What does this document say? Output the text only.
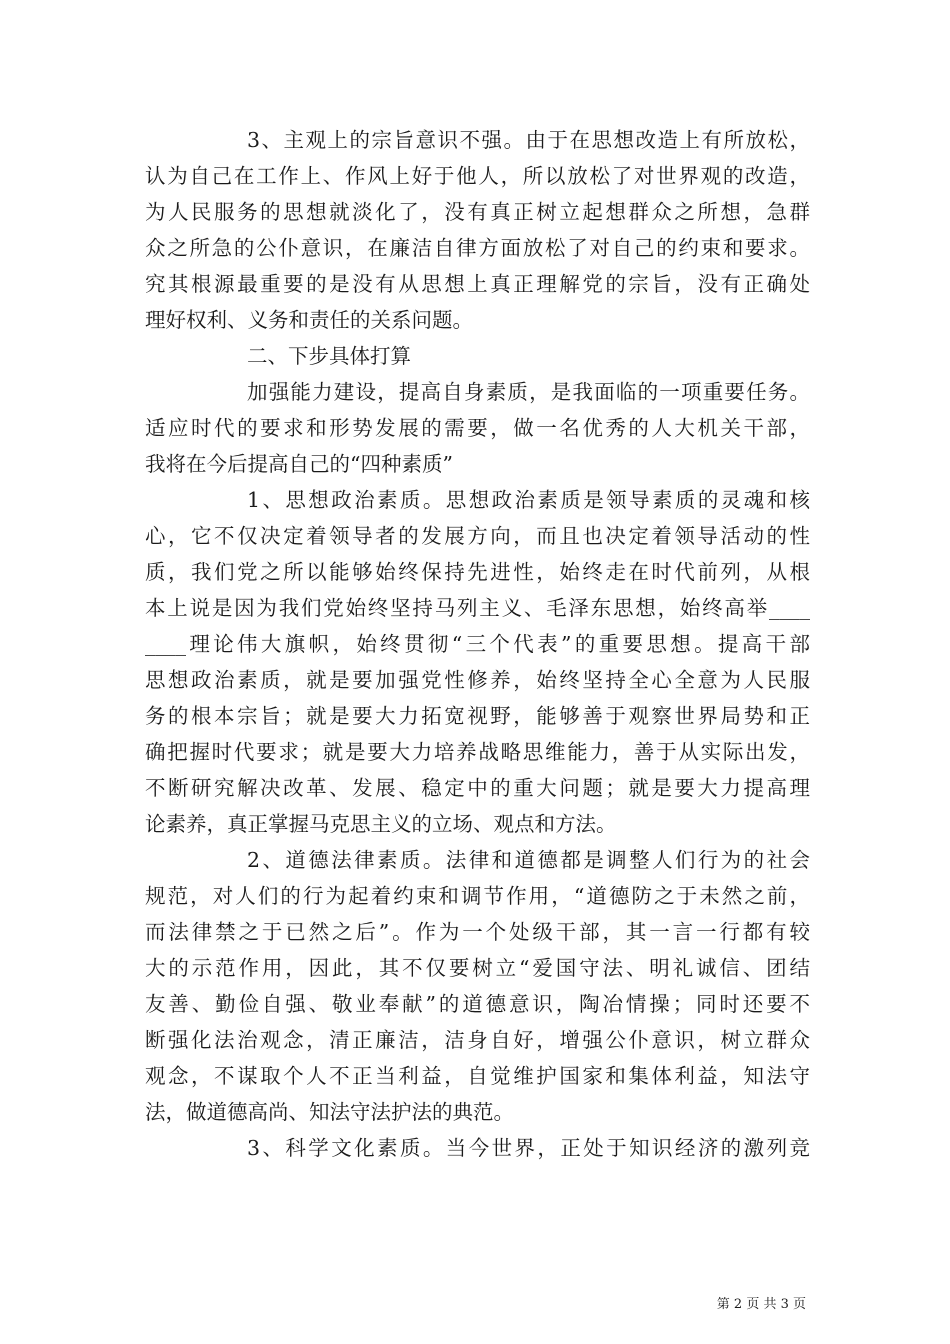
3、主观上的宗旨意识不强。由于在思想改造上有所放松，
认为自己在工作上、作风上好于他人，所以放松了对世界观的改造，
为人民服务的思想就淡化了，没有真正树立起想群众之所想，急群
众之所急的公仆意识，在廉洁自律方面放松了对自己的约束和要求。
究其根源最重要的是没有从思想上真正理解党的宗旨，没有正确处
理好权利、义务和责任的关系问题。
二、下步具体打算
加强能力建设，提高自身素质，是我面临的一项重要任务。
适应时代的要求和形势发展的需要，做一名优秀的人大机关干部，
我将在今后提高自己的“四种素质”
1、思想政治素质。思想政治素质是领导素质的灵魂和核
心，它不仅决定着领导者的发展方向，而且也决定着领导活动的性
质，我们党之所以能够始终保持先进性，始终走在时代前列，从根
本上说是因为我们党始终坚持马列主义、毛泽东思想，始终高举____
____理论伟大旗帜，始终贯彻“三个代表”的重要思想。提高干部
思想政治素质，就是要加强党性修养，始终坚持全心全意为人民服
务的根本宗旨；就是要大力拓宽视野，能够善于观察世界局势和正
确把握时代要求；就是要大力培养战略思维能力，善于从实际出发，
不断研究解决改革、发展、稳定中的重大问题；就是要大力提高理
论素养，真正掌握马克思主义的立场、观点和方法。
2、道德法律素质。法律和道德都是调整人们行为的社会
规范，对人们的行为起着约束和调节作用，“道德防之于未然之前，
而法律禁之于已然之后”。作为一个处级干部，其一言一行都有较
大的示范作用，因此，其不仅要树立“爱国守法、明礼诚信、团结
友善、勤俭自强、敬业奉献”的道德意识，陶冶情操；同时还要不
断强化法治观念，清正廉洁，洁身自好，增强公仆意识，树立群众
观念，不谋取个人不正当利益，自觉维护国家和集体利益，知法守
法，做道德高尚、知法守法护法的典范。
3、科学文化素质。当今世界，正处于知识经济的激列竞
第 2 页 共 3 页
